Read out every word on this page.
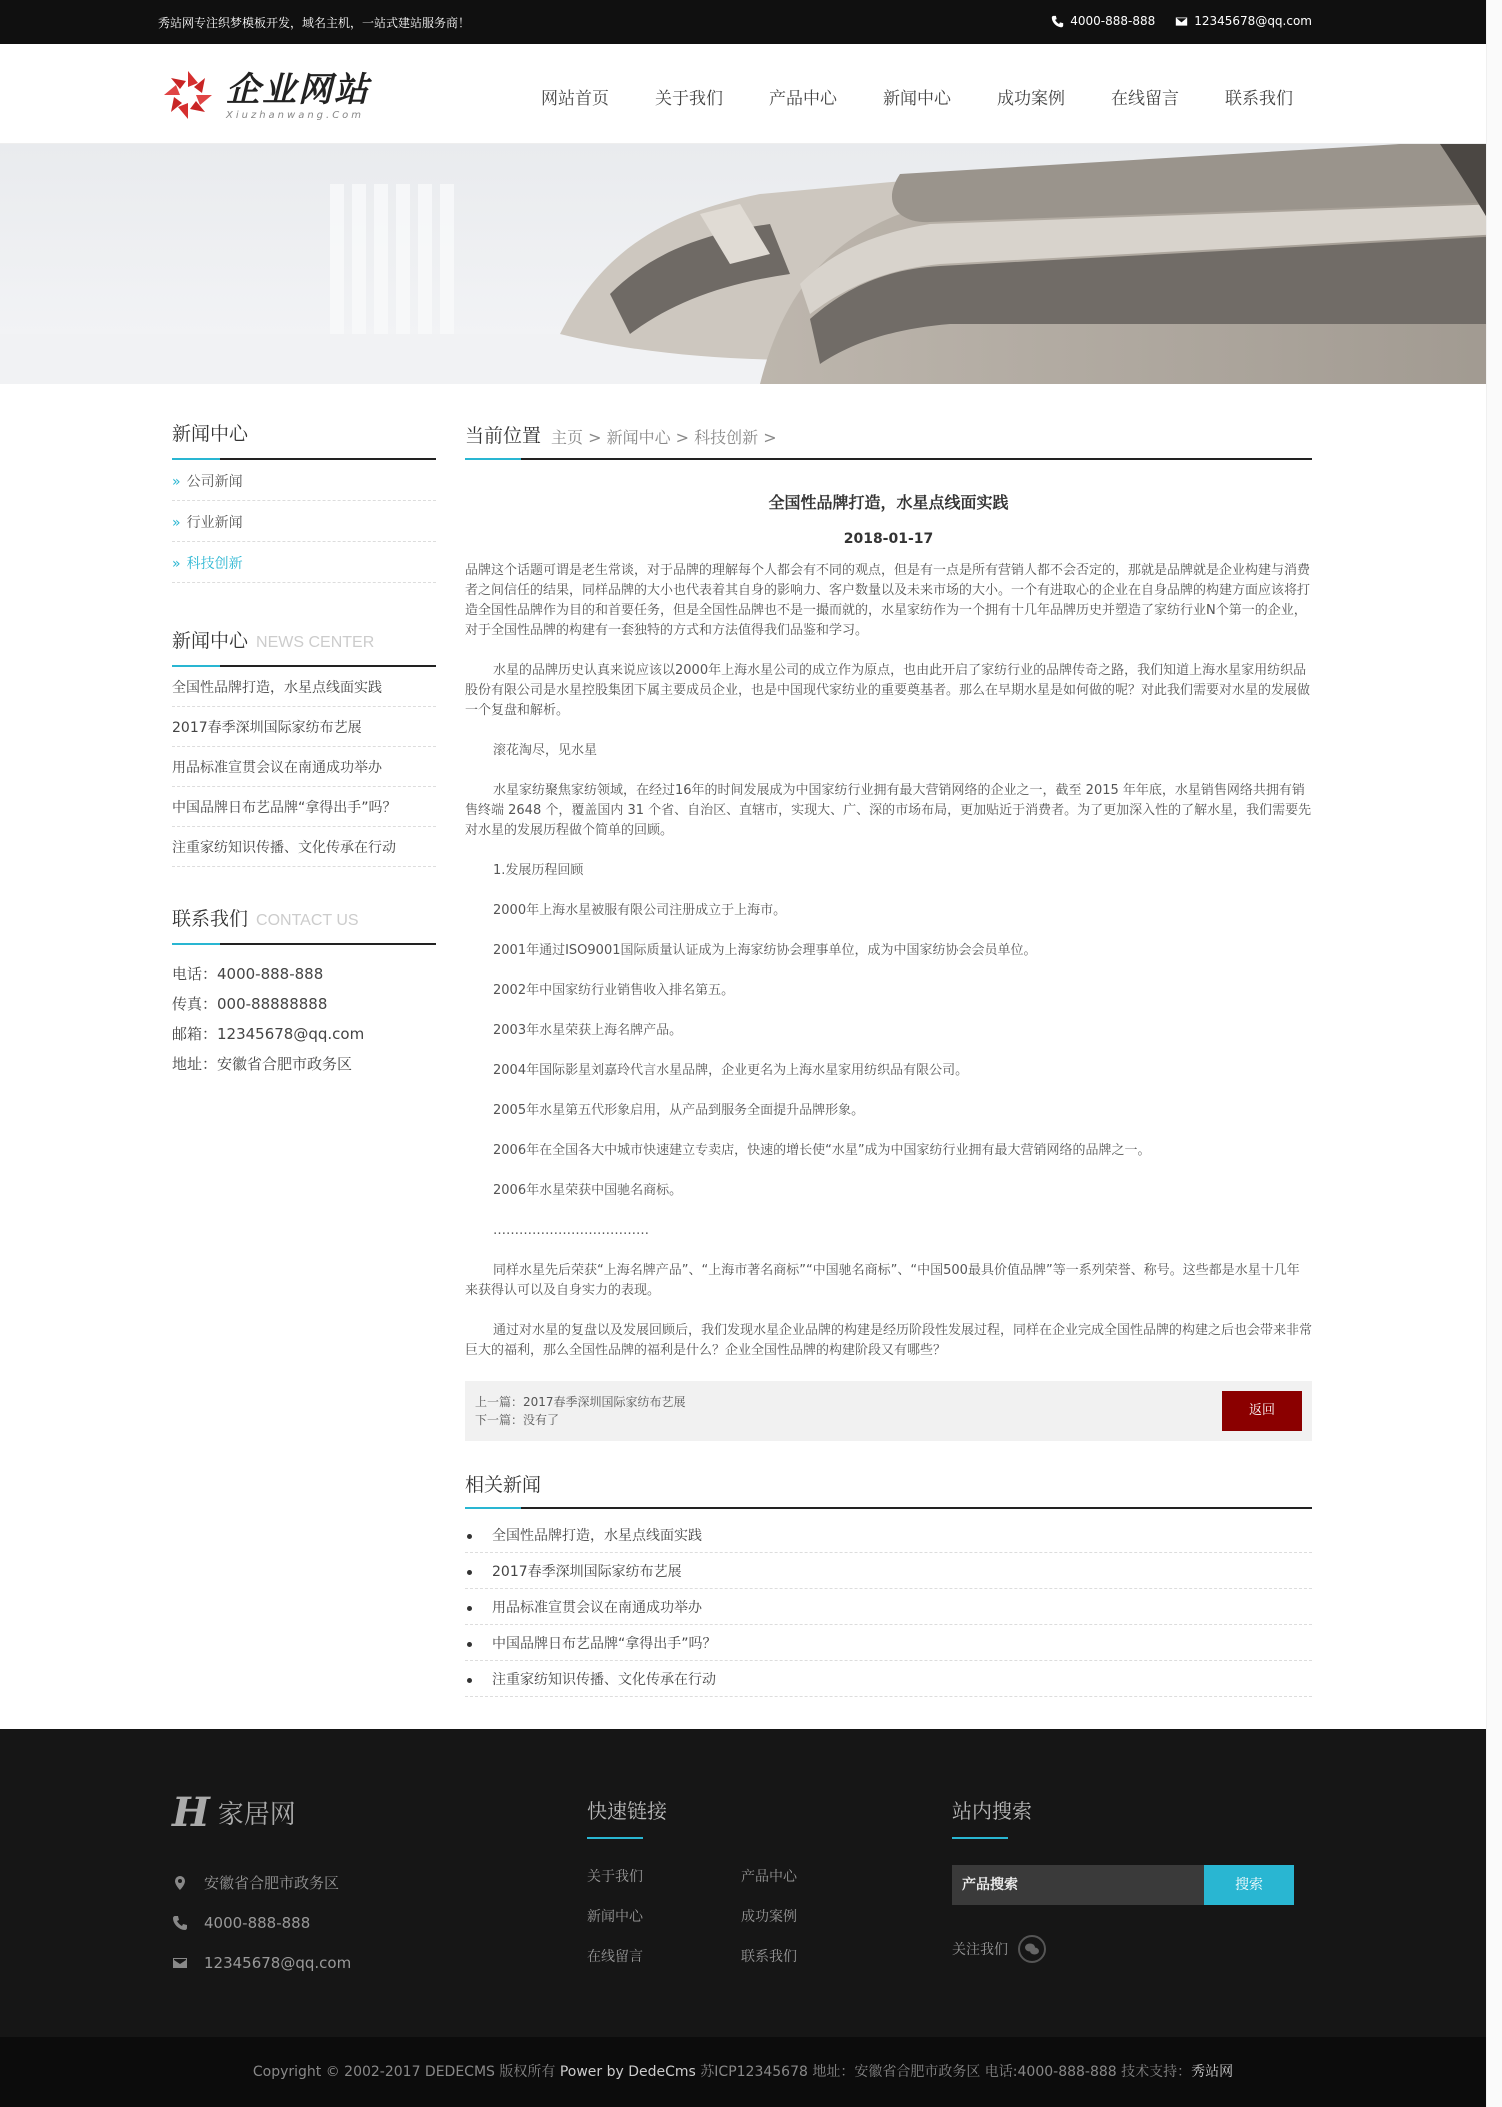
秀站网专注织梦模板开发，域名主机，一站式建站服务商！	4000-888-888	12345678@qq.com
企业网站
Xiuzhanwang.Com
网站首页	关于我们	产品中心	新闻中心	成功案例	在线留言	联系我们
新闻中心
» 公司新闻
» 行业新闻
» 科技创新
新闻中心 NEWS CENTER
全国性品牌打造，水星点线面实践
2017春季深圳国际家纺布艺展
用品标准宣贯会议在南通成功举办
中国品牌日布艺品牌“拿得出手”吗？
注重家纺知识传播、文化传承在行动
联系我们 CONTACT US
电话：4000-888-888
传真：000-88888888
邮箱：12345678@qq.com
地址：安徽省合肥市政务区
当前位置 主页 > 新闻中心 > 科技创新 >
全国性品牌打造，水星点线面实践
2018-01-17

品牌这个话题可谓是老生常谈，对于品牌的理解每个人都会有不同的观点，但是有一点是所有营销人都不会否定的，那就是品牌就是企业构建与消费者之间信任的结果，同样品牌的大小也代表着其自身的影响力、客户数量以及未来市场的大小。一个有进取心的企业在自身品牌的构建方面应该将打造全国性品牌作为目的和首要任务，但是全国性品牌也不是一撮而就的，水星家纺作为一个拥有十几年品牌历史并塑造了家纺行业N个第一的企业，对于全国性品牌的构建有一套独特的方式和方法值得我们品鉴和学习。

水星的品牌历史认真来说应该以2000年上海水星公司的成立作为原点，也由此开启了家纺行业的品牌传奇之路，我们知道上海水星家用纺织品股份有限公司是水星控股集团下属主要成员企业，也是中国现代家纺业的重要奠基者。那么在早期水星是如何做的呢？对此我们需要对水星的发展做一个复盘和解析。

滚花淘尽，见水星

水星家纺聚焦家纺领域，在经过16年的时间发展成为中国家纺行业拥有最大营销网络的企业之一，截至 2015 年年底，水星销售网络共拥有销售终端 2648 个，覆盖国内 31 个省、自治区、直辖市，实现大、广、深的市场布局，更加贴近于消费者。为了更加深入性的了解水星，我们需要先对水星的发展历程做个简单的回顾。

1.发展历程回顾

2000年上海水星被服有限公司注册成立于上海市。

2001年通过ISO9001国际质量认证成为上海家纺协会理事单位，成为中国家纺协会会员单位。

2002年中国家纺行业销售收入排名第五。

2003年水星荣获上海名牌产品。

2004年国际影星刘嘉玲代言水星品牌，企业更名为上海水星家用纺织品有限公司。

2005年水星第五代形象启用，从产品到服务全面提升品牌形象。

2006年在全国各大中城市快速建立专卖店，快速的增长使“水星”成为中国家纺行业拥有最大营销网络的品牌之一。

2006年水星荣获中国驰名商标。

………………………………

同样水星先后荣获“上海名牌产品”、“上海市著名商标”“中国驰名商标”、“中国500最具价值品牌”等一系列荣誉、称号。这些都是水星十几年来获得认可以及自身实力的表现。

通过对水星的复盘以及发展回顾后，我们发现水星企业品牌的构建是经历阶段性发展过程，同样在企业完成全国性品牌的构建之后也会带来非常巨大的福利，那么全国性品牌的福利是什么？企业全国性品牌的构建阶段又有哪些？

上一篇：2017春季深圳国际家纺布艺展
下一篇：没有了
返回
相关新闻
全国性品牌打造，水星点线面实践
2017春季深圳国际家纺布艺展
用品标准宣贯会议在南通成功举办
中国品牌日布艺品牌“拿得出手”吗？
注重家纺知识传播、文化传承在行动
H 家居网
安徽省合肥市政务区
4000-888-888
12345678@qq.com
快速链接
关于我们	产品中心
新闻中心	成功案例
在线留言	联系我们
站内搜索
产品搜索	搜索
关注我们
Copyright © 2002-2017 DEDECMS 版权所有 Power by DedeCms 苏ICP12345678 地址：安徽省合肥市政务区 电话:4000-888-888 技术支持：秀站网
